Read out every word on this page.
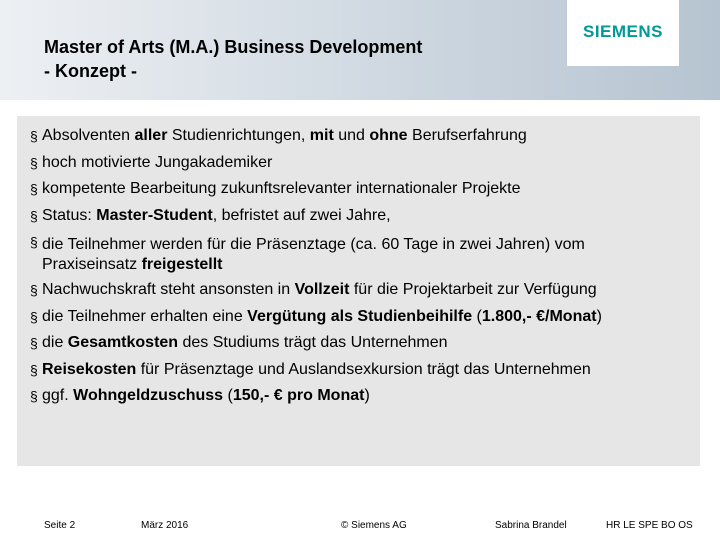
Master of Arts (M.A.) Business Development
- Konzept -
SIEMENS
§ Absolventen aller Studienrichtungen, mit und ohne Berufserfahrung
§ hoch motivierte Jungakademiker
§ kompetente Bearbeitung zukunftsrelevanter internationaler Projekte
§ Status: Master-Student, befristet auf zwei Jahre,
§ die Teilnehmer werden für die Präsenztage (ca. 60 Tage in zwei Jahren) vom
Praxiseinsatz freigestellt
§ Nachwuchskraft steht ansonsten in Vollzeit für die Projektarbeit zur Verfügung
§ die Teilnehmer erhalten eine Vergütung als Studienbeihilfe (1.800,- €/Monat)
§ die Gesamtkosten des Studiums trägt das Unternehmen
§ Reisekosten für Präsenztage und Auslandsexkursion trägt das Unternehmen
§ ggf. Wohngeldzuschuss (150,- € pro Monat)
Seite 2	März 2016	© Siemens AG	Sabrina Brandel	HR LE SPE BO OS
